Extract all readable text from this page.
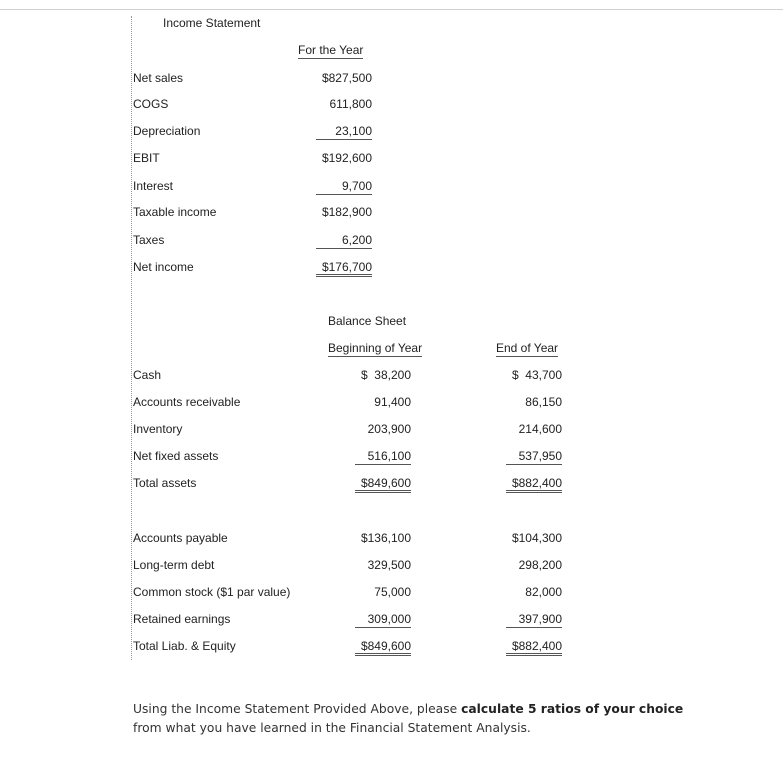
Income Statement
For the Year
Net sales	$827,500
COGS	611,800
Depreciation	23,100
EBIT	$192,600
Interest	9,700
Taxable income	$182,900
Taxes	6,200
Net income	$176,700
Balance Sheet
Beginning of Year	End of Year
Cash	$  38,200	$  43,700
Accounts receivable	91,400	86,150
Inventory	203,900	214,600
Net fixed assets	516,100	537,950
Total assets	$849,600	$882,400
Accounts payable	$136,100	$104,300
Long-term debt	329,500	298,200
Common stock ($1 par value)	75,000	82,000
Retained earnings	309,000	397,900
Total Liab. & Equity	$849,600	$882,400
Using the Income Statement Provided Above, please calculate 5 ratios of your choice from what you have learned in the Financial Statement Analysis.
